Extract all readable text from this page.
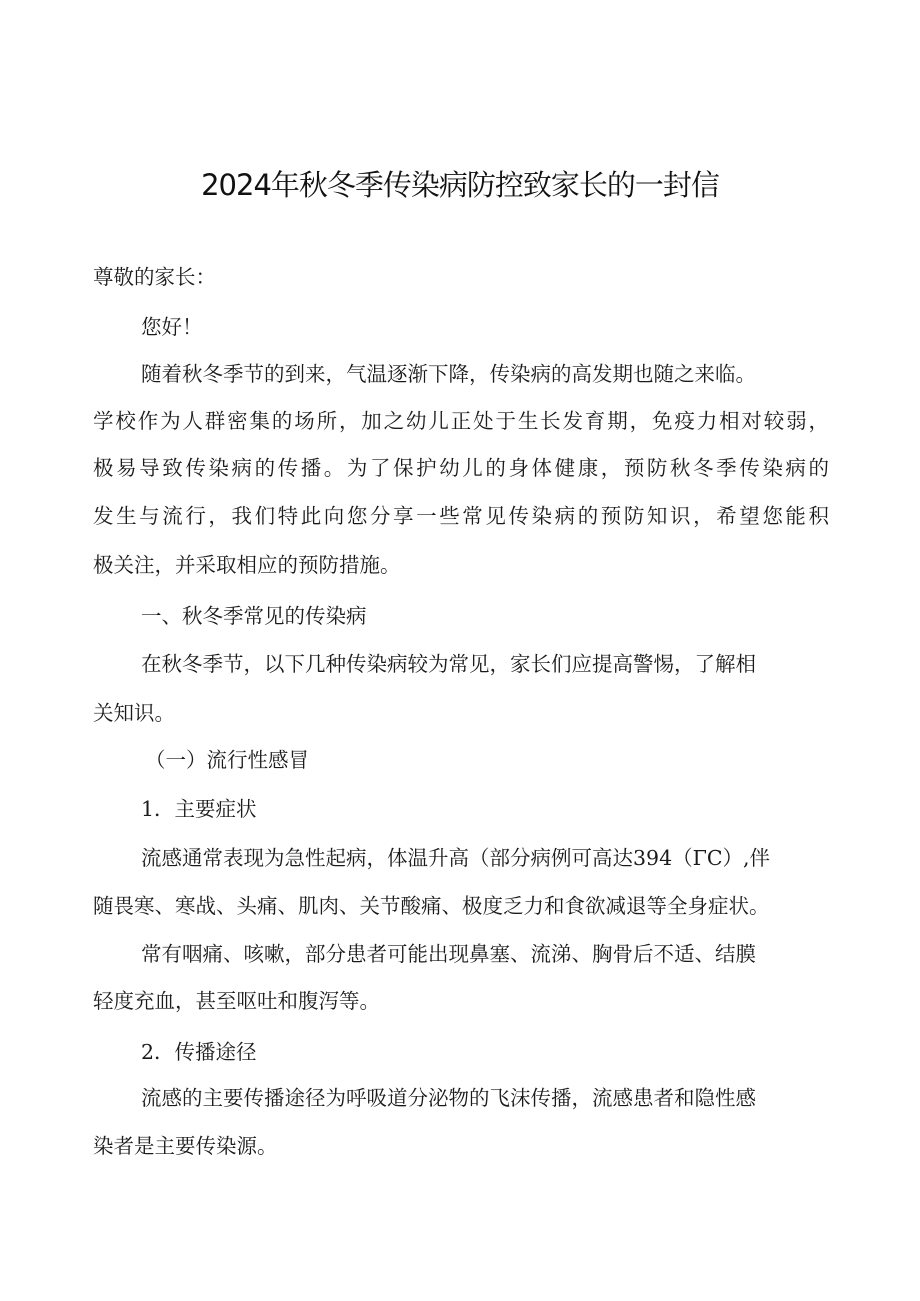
2024年秋冬季传染病防控致家长的一封信
尊敬的家长：
您好！
随着秋冬季节的到来，气温逐渐下降，传染病的高发期也随之来临。
学校作为人群密集的场所，加之幼儿正处于生长发育期，免疫力相对较弱，
极易导致传染病的传播。为了保护幼儿的身体健康，预防秋冬季传染病的
发生与流行，我们特此向您分享一些常见传染病的预防知识，希望您能积
极关注，并采取相应的预防措施。
一、秋冬季常见的传染病
在秋冬季节，以下几种传染病较为常见，家长们应提高警惕，了解相
关知识。
（一）流行性感冒
1．主要症状
流感通常表现为急性起病，体温升高（部分病例可高达394（ΓC）,伴
随畏寒、寒战、头痛、肌肉、关节酸痛、极度乏力和食欲减退等全身症状。
常有咽痛、咳嗽，部分患者可能出现鼻塞、流涕、胸骨后不适、结膜
轻度充血，甚至呕吐和腹泻等。
2．传播途径
流感的主要传播途径为呼吸道分泌物的飞沫传播，流感患者和隐性感
染者是主要传染源。
